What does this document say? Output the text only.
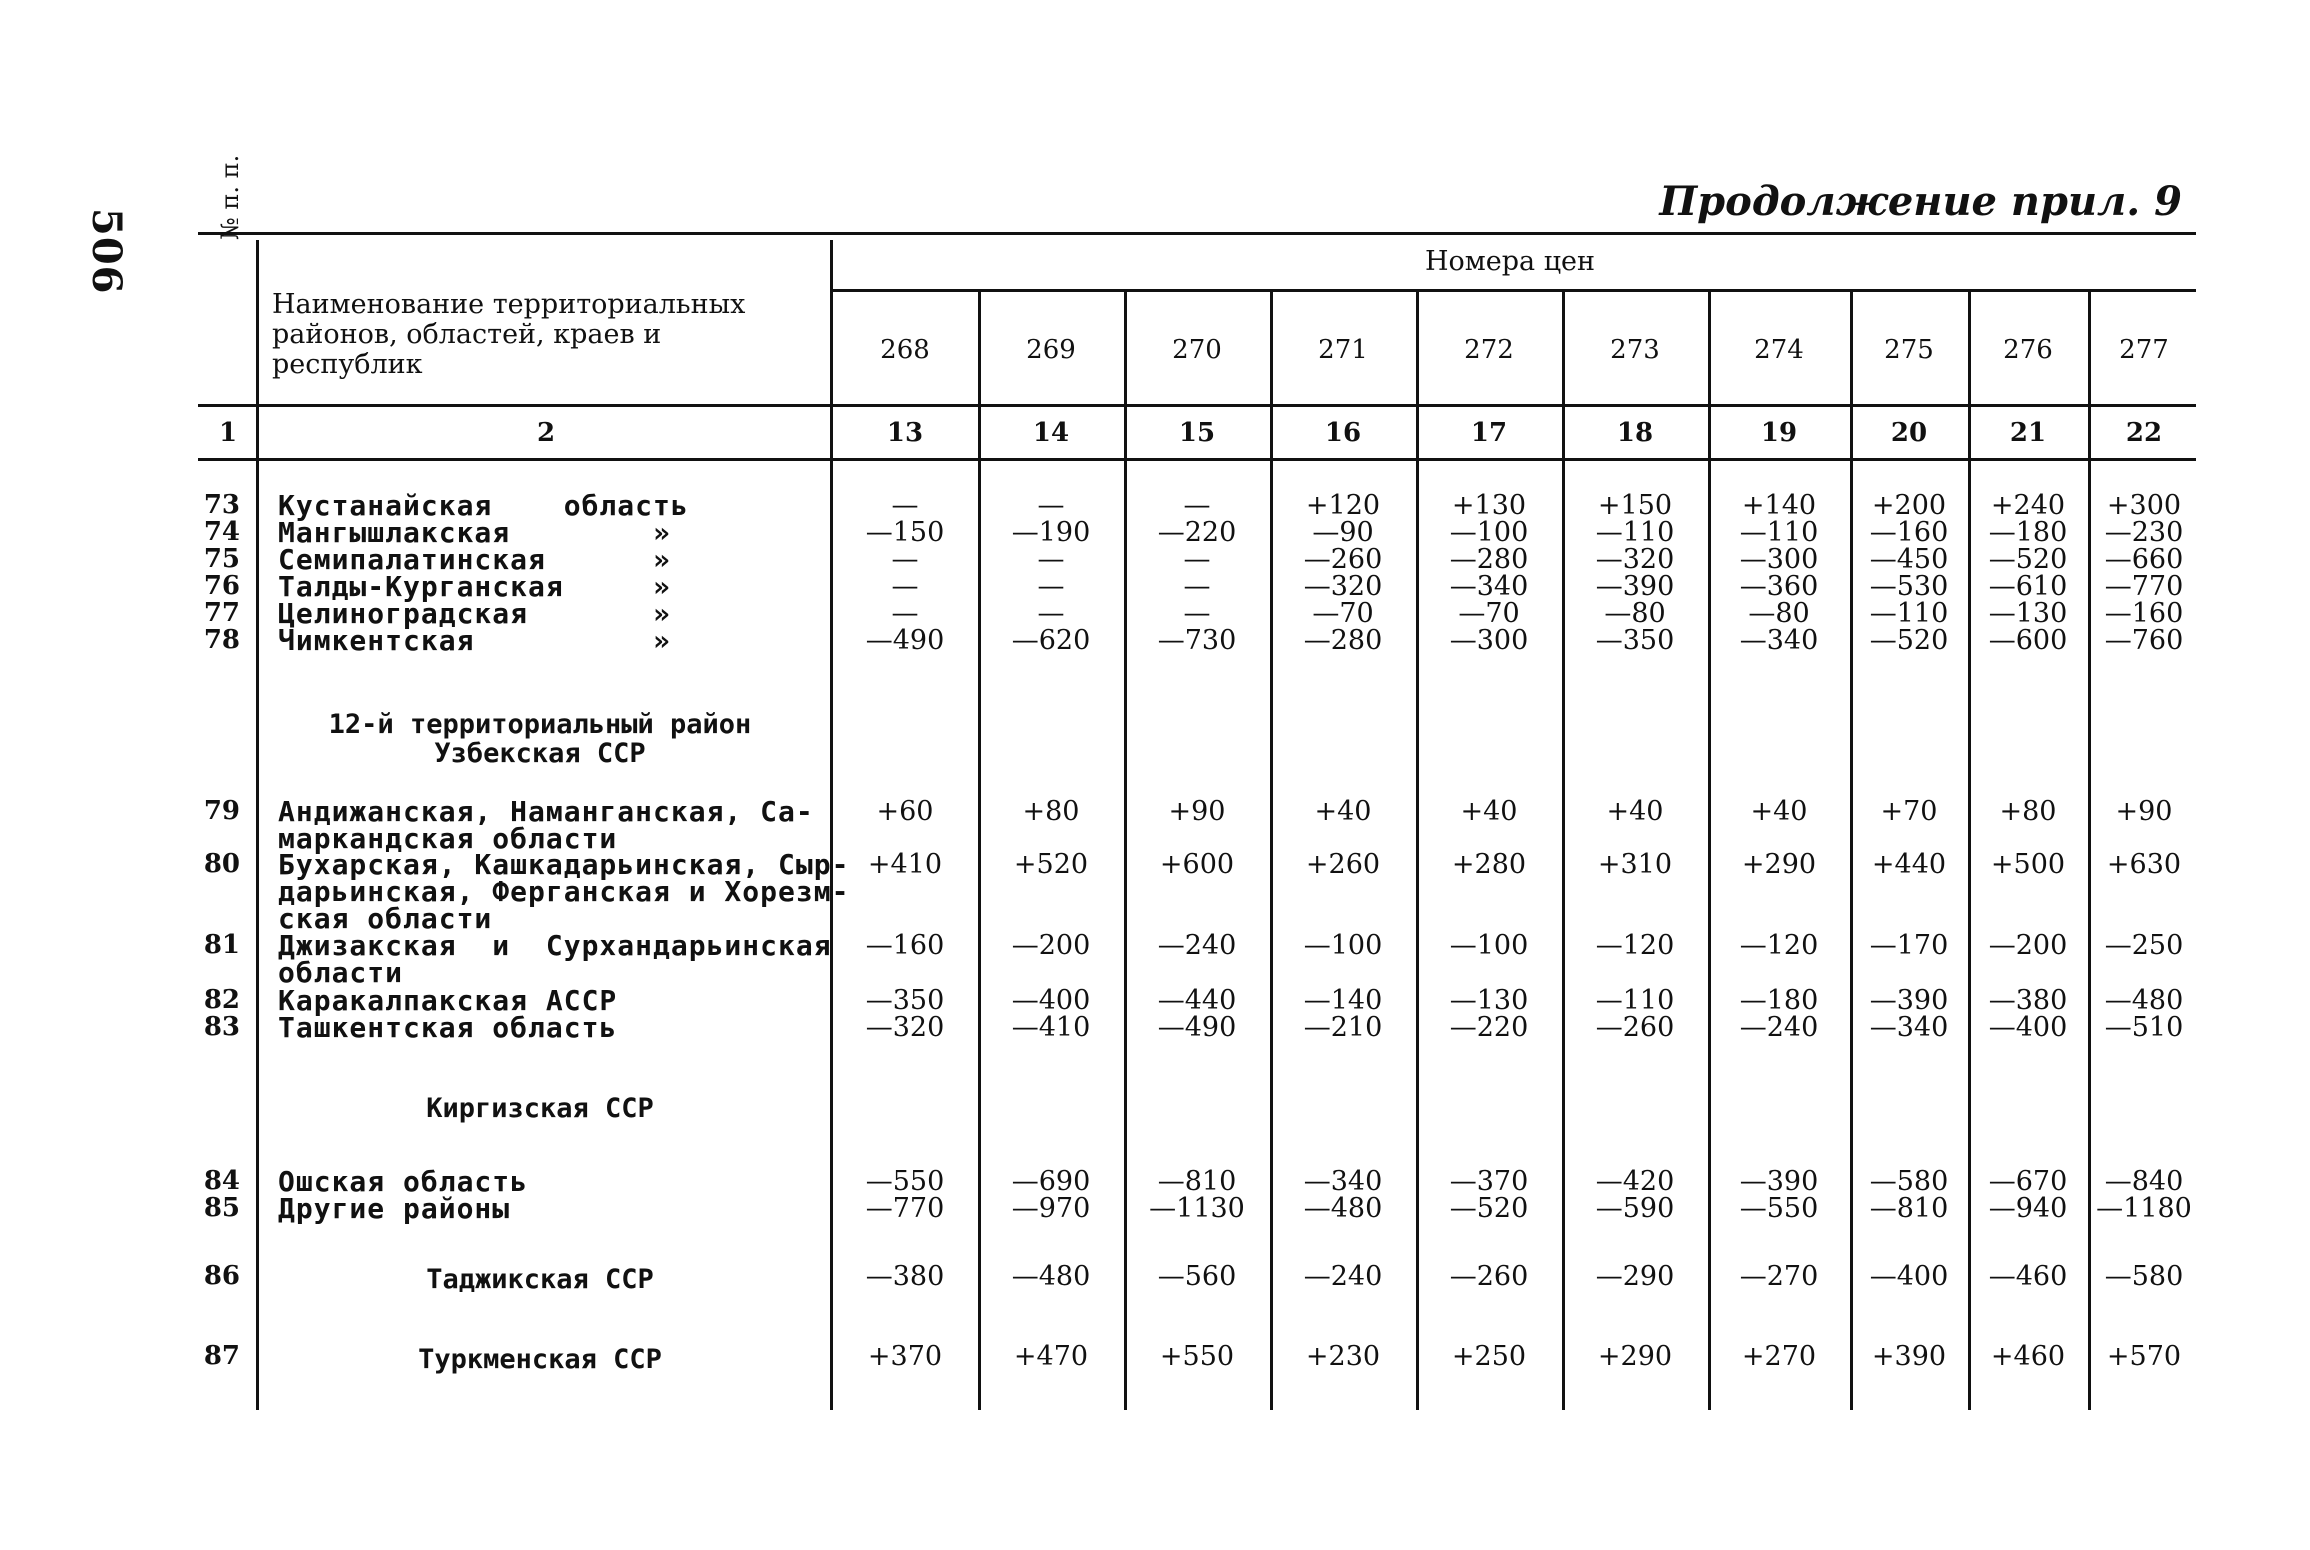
506
Продолжение прил. 9
№ п. п.
Наименование территориальных районов, областей, краев и республик
Номера цен
268	269	270	271	272	273	274	275	276	277
1	2	13	14	15	16	17	18	19	20	21	22
73 Кустанайская    область	—	—	—	+120	+130	+150	+140	+200	+240	+300
74 Мангышлакская        »	—150	—190	—220	—90	—100	—110	—110	—160	—180	—230
75 Семипалатинская      »	—	—	—	—260	—280	—320	—300	—450	—520	—660
76 Талды-Курганская     »	—	—	—	—320	—340	—390	—360	—530	—610	—770
77 Целиноградская       »	—	—	—	—70	—70	—80	—80	—110	—130	—160
78 Чимкентская          »	—490	—620	—730	—280	—300	—350	—340	—520	—600	—760
12-й территориальный район
Узбекская ССР
79 Андижанская, Наманганская, Са-
маркандская области
+60	+80	+90	+40	+40	+40	+40	+70	+80	+90
80 Бухарская, Кашкадарьинская, Сыр-
дарьинская, Ферганская и Хорезм-
ская области
+410	+520	+600	+260	+280	+310	+290	+440	+500	+630
81 Джизакская  и  Сурхандарьинская
области
—160	—200	—240	—100	—100	—120	—120	—170	—200	—250
82 Каракалпакская АССР	—350	—400	—440	—140	—130	—110	—180	—390	—380	—480
83 Ташкентская область	—320	—410	—490	—210	—220	—260	—240	—340	—400	—510
Киргизская ССР
84 Ошская область	—550	—690	—810	—340	—370	—420	—390	—580	—670	—840
85 Другие районы	—770	—970	—1130	—480	—520	—590	—550	—810	—940	—1180
86	Таджикская ССР	—380	—480	—560	—240	—260	—290	—270	—400	—460	—580
87	Туркменская ССР	+370	+470	+550	+230	+250	+290	+270	+390	+460	+570
